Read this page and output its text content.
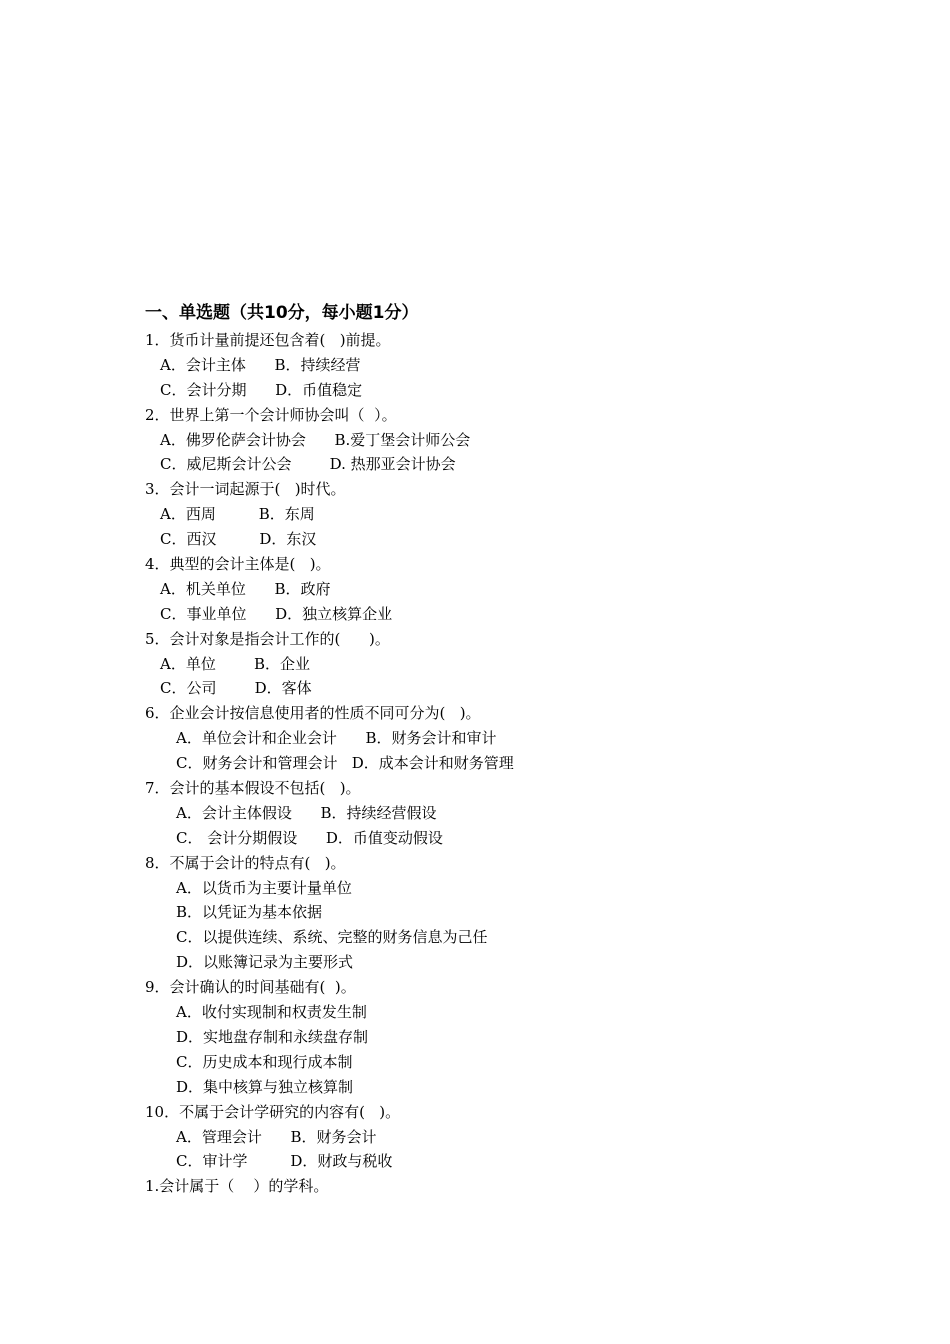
一、单选题（共10分，每小题1分）
1．货币计量前提还包含着(   )前提。
A．会计主体      B．持续经营
C．会计分期      D．币值稳定
2．世界上第一个会计师协会叫（  ）。
A．佛罗伦萨会计协会      B.爱丁堡会计师公会
C．威尼斯会计公会        D. 热那亚会计协会
3．会计一词起源于(   )时代。
A．西周         B．东周
C．西汉         D．东汉
4．典型的会计主体是(   )。
A．机关单位      B．政府
C．事业单位      D．独立核算企业
5．会计对象是指会计工作的(      )。
A．单位        B．企业
C．公司        D．客体
6．企业会计按信息使用者的性质不同可分为(   )。
A．单位会计和企业会计      B．财务会计和审计
C．财务会计和管理会计   D．成本会计和财务管理
7．会计的基本假设不包括(   )。
A．会计主体假设      B．持续经营假设
C． 会计分期假设      D．币值变动假设
8．不属于会计的特点有(   )。
A．以货币为主要计量单位
B．以凭证为基本依据
C．以提供连续、系统、完整的财务信息为己任
D．以账簿记录为主要形式
9．会计确认的时间基础有(  )。
A．收付实现制和权责发生制
D．实地盘存制和永续盘存制
C．历史成本和现行成本制
D．集中核算与独立核算制
10．不属于会计学研究的内容有(   )。
A．管理会计      B．财务会计
C．审计学         D．财政与税收
1.会计属于（    ）的学科。
